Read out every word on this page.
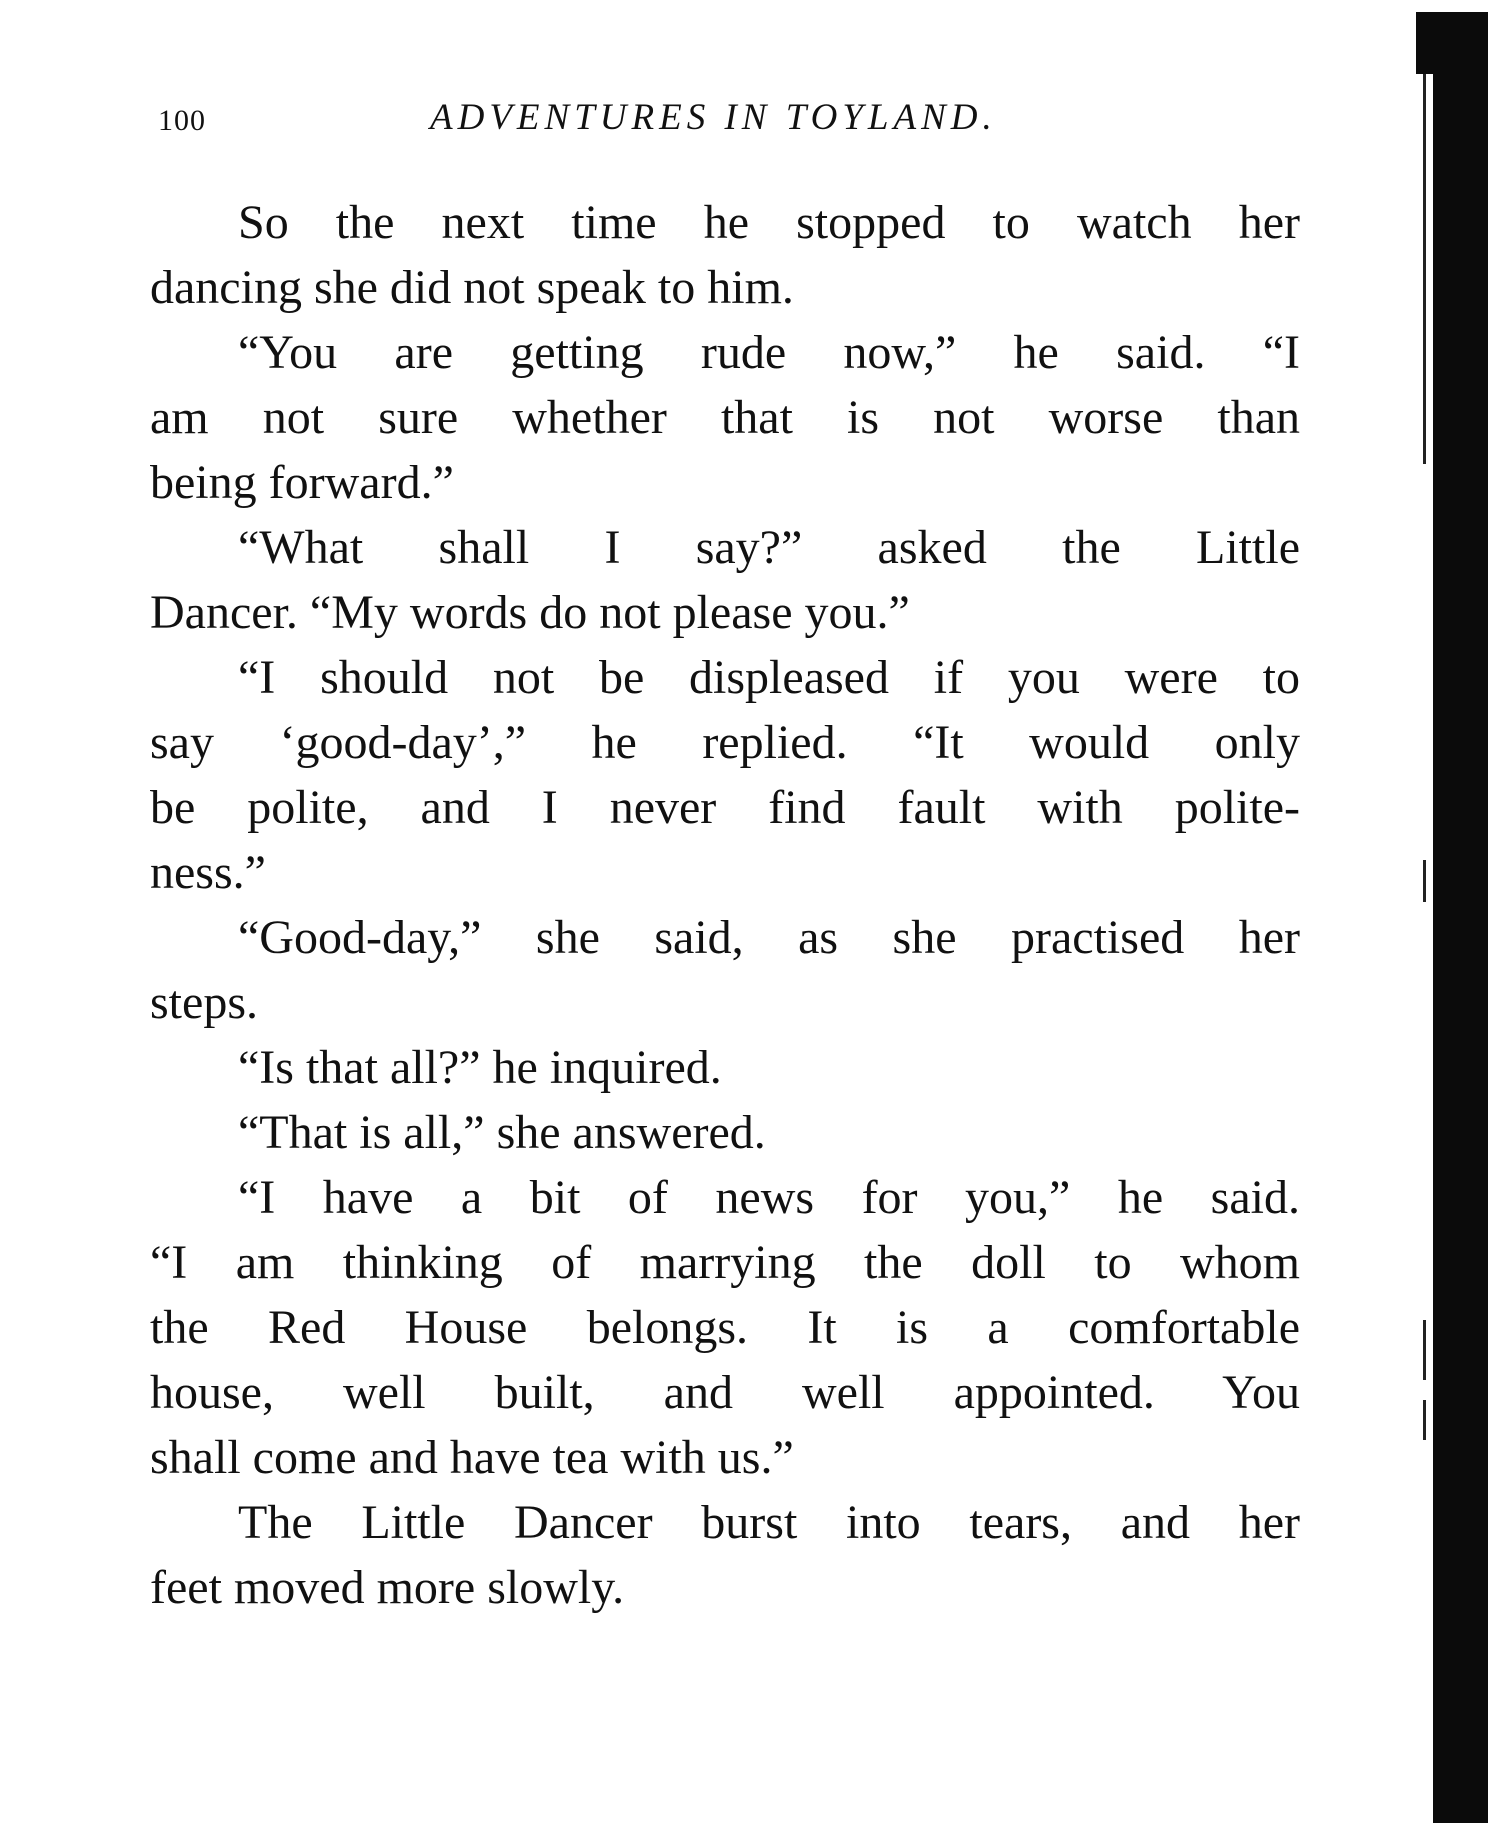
100	ADVENTURES IN TOYLAND.
So the next time he stopped to watch her
dancing she did not speak to him.
“You are getting rude now,” he said. “I
am not sure whether that is not worse than
being forward.”
“What shall I say?” asked the Little
Dancer. “My words do not please you.”
“I should not be displeased if you were to
say ‘good-day’,” he replied. “It would only
be polite, and I never find fault with polite-
ness.”
“Good-day,” she said, as she practised her
steps.
“Is that all?” he inquired.
“That is all,” she answered.
“I have a bit of news for you,” he said.
“I am thinking of marrying the doll to whom
the Red House belongs. It is a comfortable
house, well built, and well appointed. You
shall come and have tea with us.”
The Little Dancer burst into tears, and her
feet moved more slowly.
